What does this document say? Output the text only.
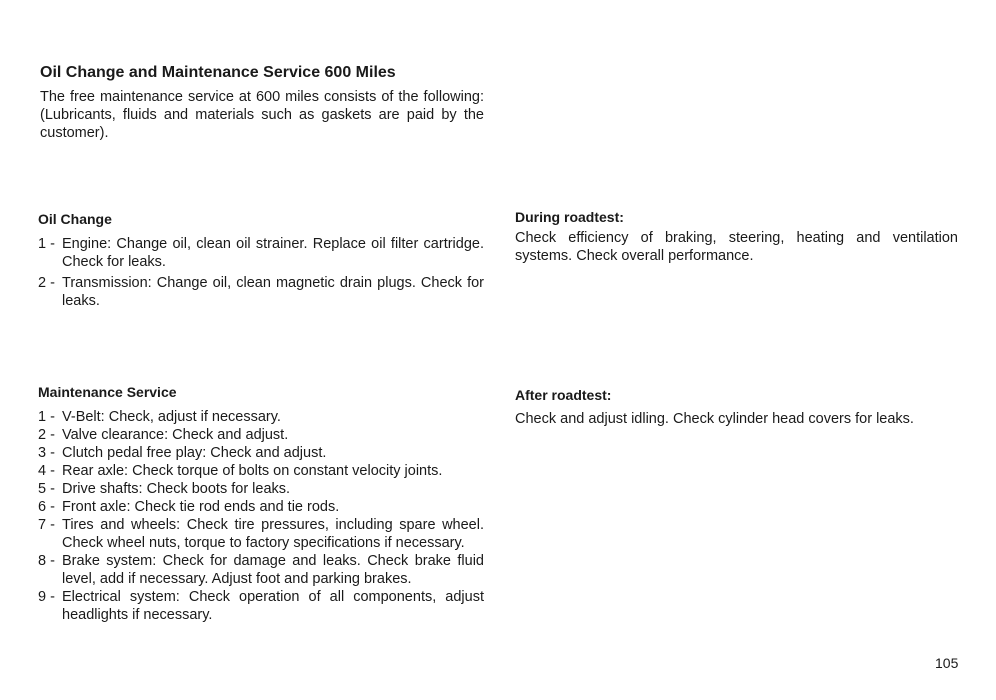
Oil Change and Maintenance Service 600 Miles
The free maintenance service at 600 miles consists of the following: (Lubricants, fluids and materials such as gaskets are paid by the customer).
Oil Change
1 - Engine: Change oil, clean oil strainer. Replace oil filter cartridge. Check for leaks.
2 - Transmission: Change oil, clean magnetic drain plugs. Check for leaks.
Maintenance Service
1 - V-Belt: Check, adjust if necessary.
2 - Valve clearance: Check and adjust.
3 - Clutch pedal free play: Check and adjust.
4 - Rear axle: Check torque of bolts on constant velocity joints.
5 - Drive shafts: Check boots for leaks.
6 - Front axle: Check tie rod ends and tie rods.
7 - Tires and wheels: Check tire pressures, including spare wheel. Check wheel nuts, torque to factory specifications if necessary.
8 - Brake system: Check for damage and leaks. Check brake fluid level, add if necessary. Adjust foot and parking brakes.
9 - Electrical system: Check operation of all components, adjust headlights if necessary.
During roadtest:
Check efficiency of braking, steering, heating and ventilation systems. Check overall performance.
After roadtest:
Check and adjust idling. Check cylinder head covers for leaks.
105
